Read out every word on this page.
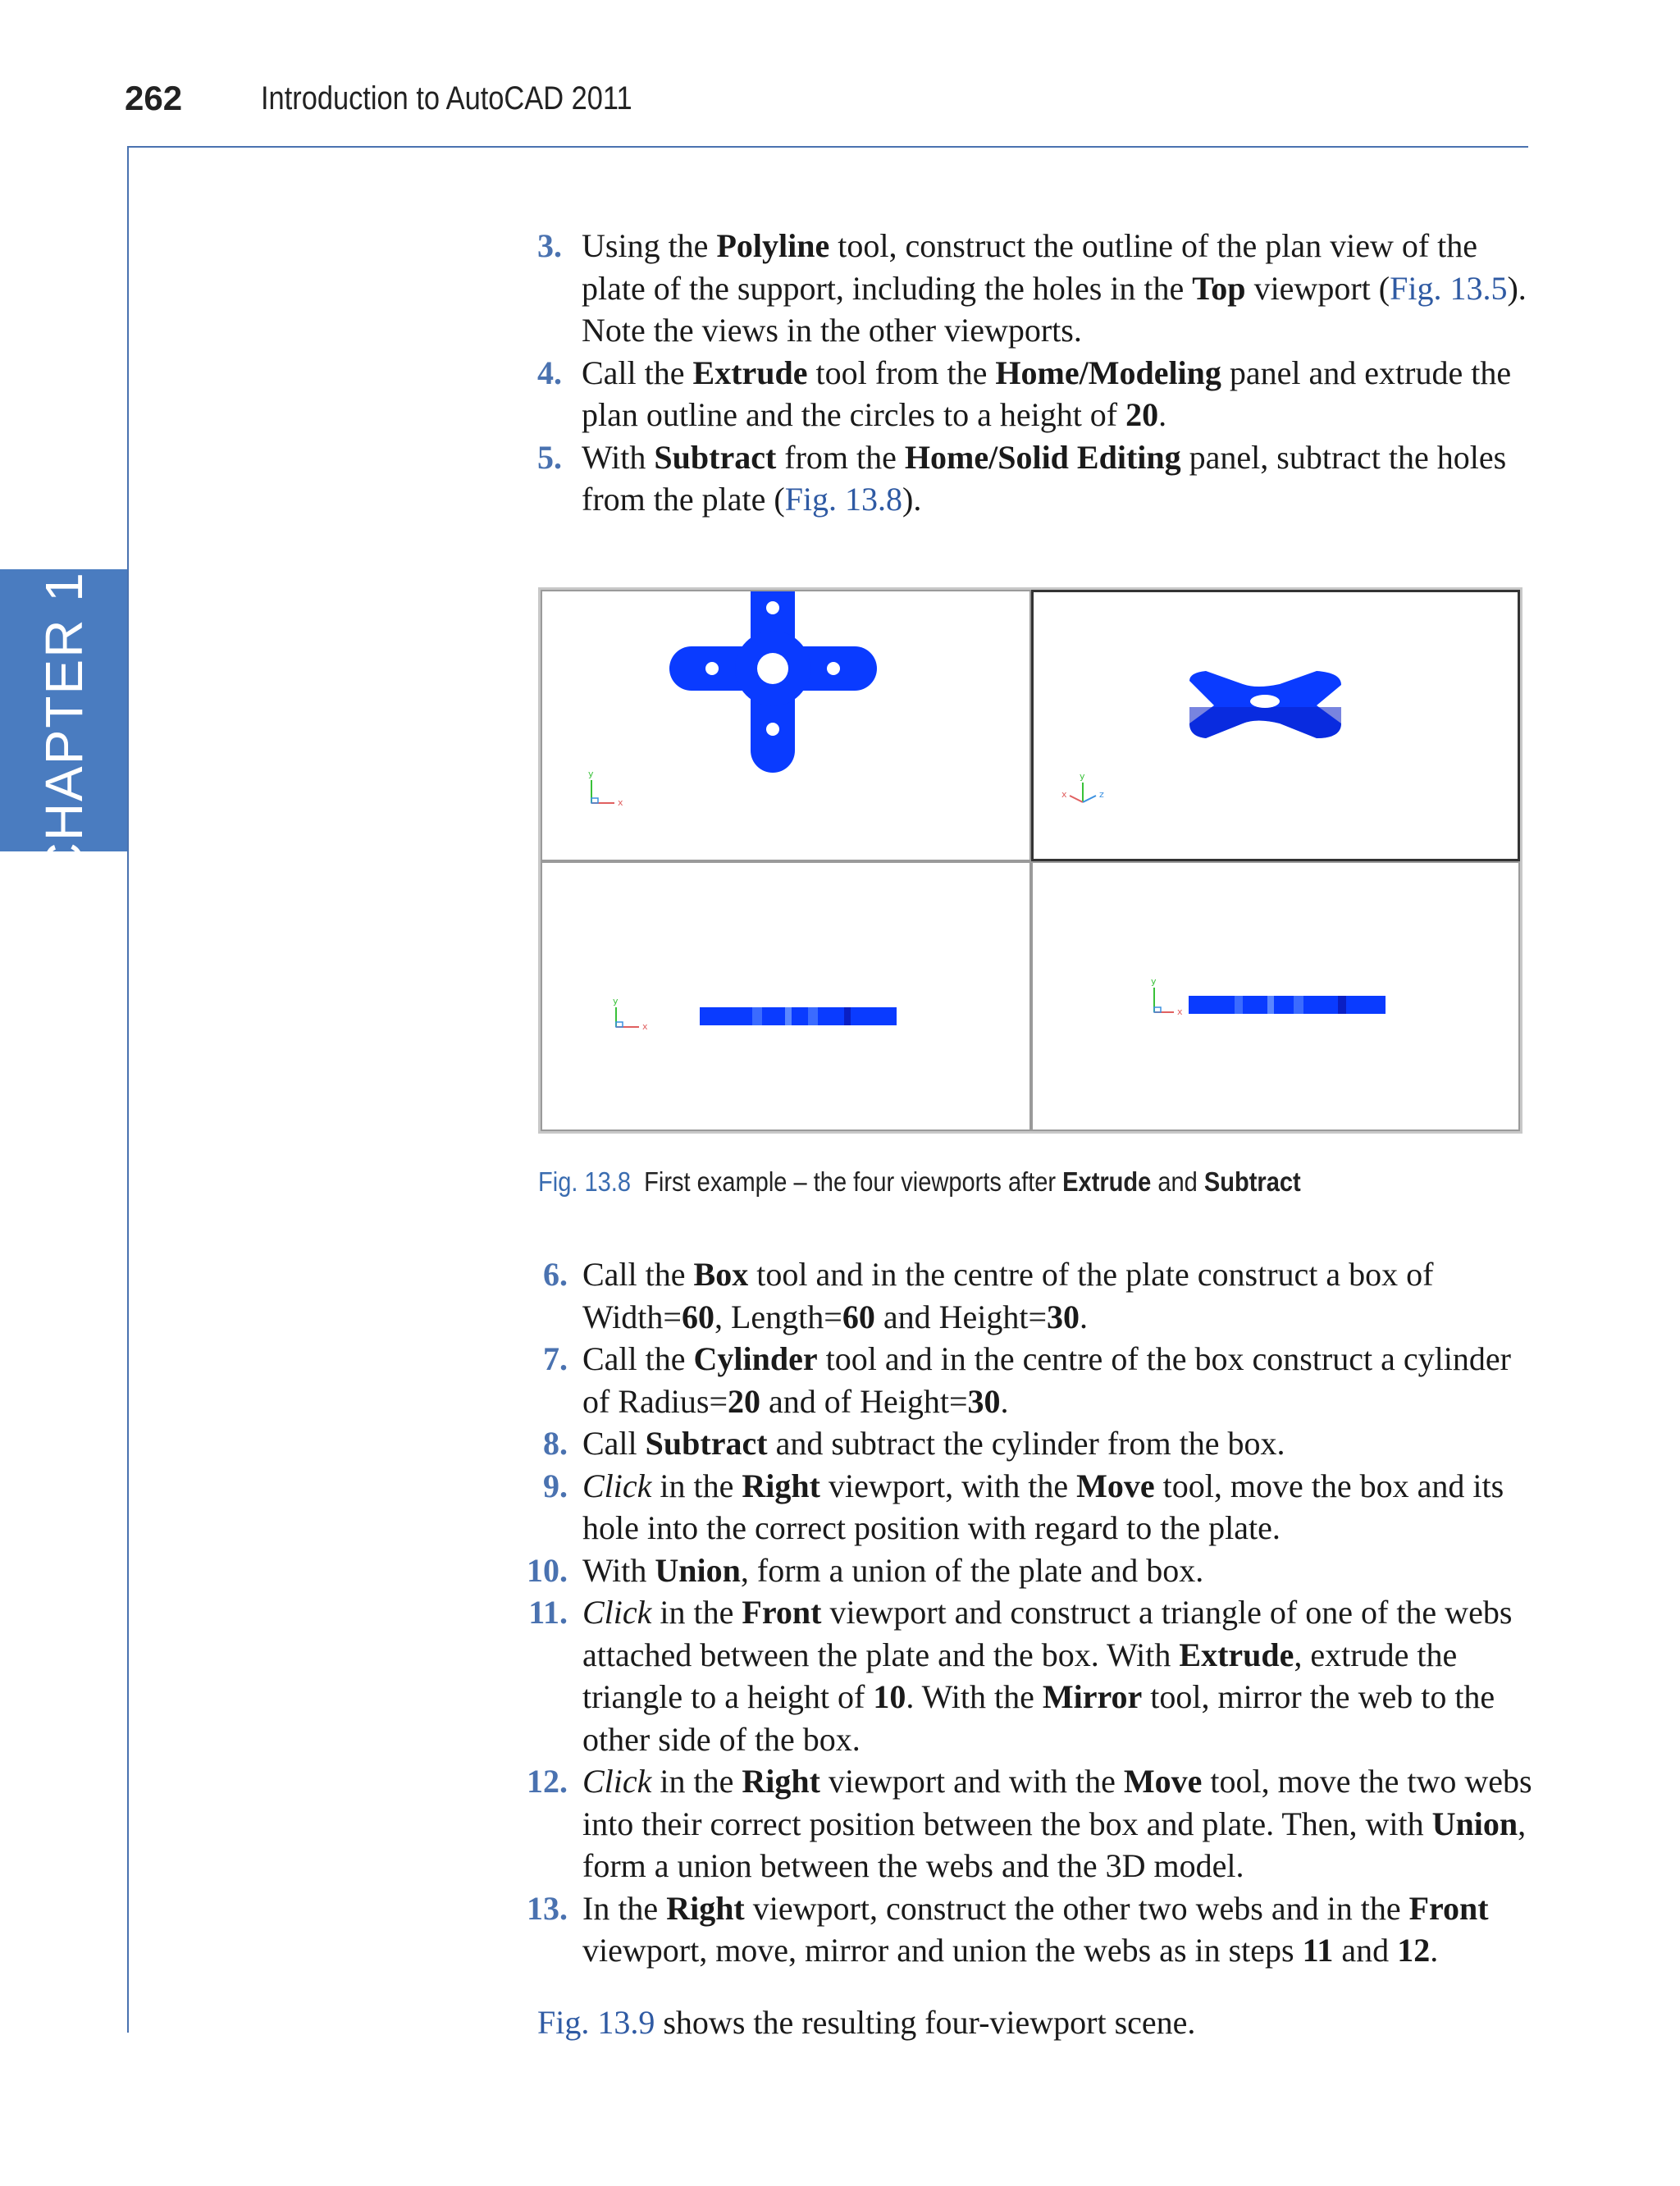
262 Introduction to AutoCAD 2011
CHAPTER 13
3. Using the Polyline tool, construct the outline of the plan view of the plate of the support, including the holes in the Top viewport (Fig. 13.5). Note the views in the other viewports.
4. Call the Extrude tool from the Home/Modeling panel and extrude the plan outline and the circles to a height of 20.
5. With Subtract from the Home/Solid Editing panel, subtract the holes from the plate (Fig. 13.8).
y
x
y
x	z
y
x
y
x
Fig. 13.8 First example – the four viewports after Extrude and Subtract
6. Call the Box tool and in the centre of the plate construct a box of Width=60, Length=60 and Height=30.
7. Call the Cylinder tool and in the centre of the box construct a cylinder of Radius=20 and of Height=30.
8. Call Subtract and subtract the cylinder from the box.
9. Click in the Right viewport, with the Move tool, move the box and its hole into the correct position with regard to the plate.
10. With Union, form a union of the plate and box.
11. Click in the Front viewport and construct a triangle of one of the webs attached between the plate and the box. With Extrude, extrude the triangle to a height of 10. With the Mirror tool, mirror the web to the other side of the box.
12. Click in the Right viewport and with the Move tool, move the two webs into their correct position between the box and plate. Then, with Union, form a union between the webs and the 3D model.
13. In the Right viewport, construct the other two webs and in the Front viewport, move, mirror and union the webs as in steps 11 and 12.
Fig. 13.9 shows the resulting four-viewport scene.
